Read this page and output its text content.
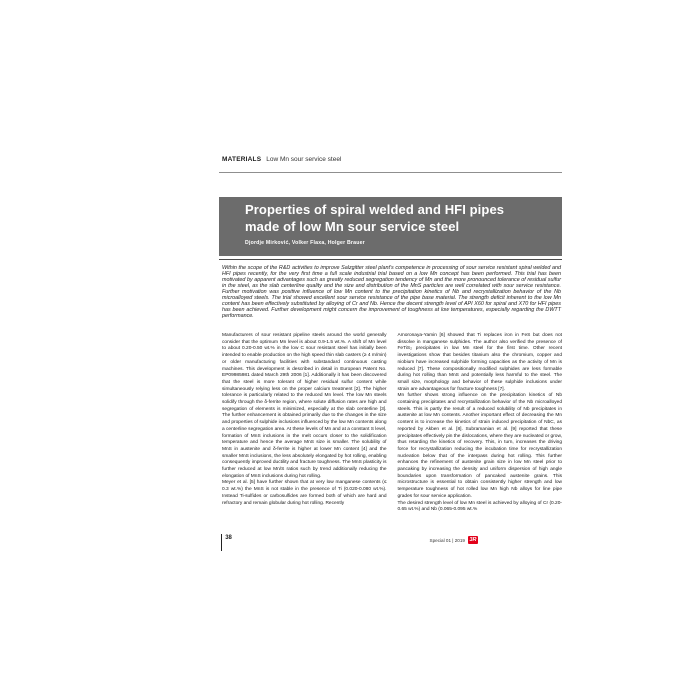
MATERIALS Low Mn sour service steel
Properties of spiral welded and HFI pipes
made of low Mn sour service steel
Djordje Mirković, Volker Flaxa, Holger Brauer
Within the scope of the R&D activities to improve Salzgitter steel plant's competence in processing of sour service resistant spiral welded and HFI pipes recently, for the very first time a full scale industrial trial based on a low Mn concept has been performed. This trial has been motivated by apparent advantages such as greatly reduced segregation tendency of Mn and the more pronounced tolerance of residual sulfur in the steel, as the slab centerline quality and the size and distribution of the MnS particles are well correlated with sour service resistance. Further motivation was positive influence of low Mn content to the precipitation kinetics of Nb and recrystallization behavior of the Nb microalloyed steels. The trial showed excellent sour service resistance of the pipe base material. The strength deficit inherent to the low Mn content has been effectively substituted by alloying of Cr and Nb. Hence the decent strength level of API X60 for spiral and X70 for HFI pipes has been achieved. Further development might concern the improvement of toughness at low temperatures, especially regarding the DWTT performance.

Manufacturers of sour resistant pipeline steels around the world generally consider that the optimum Mn level is about 0.9-1.5 wt.%. A shift of Mn level to about 0.20-0.50 wt.% in the low C sour resistant steel has initially been intended to enable production on the high speed thin slab casters (≥ 4 m/min) or older manufacturing facilities with substandard continuous casting machines. This development is described in detail in European Patent No. EP09985981 dated March 29th 2006 [1]. Additionally it has been discovered that the steel is more tolerant of higher residual sulfur content while simultaneously relying less on the proper calcium treatment [2]. The higher tolerance is particularly related to the reduced Mn level. The low Mn steels solidify through the δ-ferrite region, where solute diffusion rates are high and segregation of elements is minimized, especially at the slab centerline [3]. The further enhancement is obtained primarily due to the changes in the size and properties of sulphide inclusions influenced by the low Mn contents along a centerline segregation area. At these levels of Mn and at a constant S level, formation of MnS inclusions in the melt occurs closer to the solidification temperature and hence the average MnS size is smaller. The solubility of MnS in austenite and δ-ferrite is higher at lower Mn content [4] and the smaller MnS inclusions, the less absolutely elongated by hot rolling, enabling consequently improved ductility and fracture toughness. The MnS plasticity is further reduced at low Mn/S ratios such by trend additionally reducing the elongation of MnS inclusions during hot rolling.

Meyer et al. [5] have further shown that at very low manganese contents (≤ 0.3 wt.%) the MnS is not stable in the presence of Ti (0.020-0.080 wt.%). Instead Ti-sulfides or carbosulfides are formed both of which are hard and refractory and remain globular during hot rolling. Recently

Amoronaya-Yamin [6] showed that Ti replaces iron in FeS but does not dissolve in manganese sulphides. The author also verified the presence of FeTiS₂ precipitates in low Mn steel for the first time. Other recent investigations show that besides titanium also the chromium, copper and niobium have increased sulphide forming capacities as the activity of Mn is reduced [7]. These compositionally modified sulphides are less formable during hot rolling than MnS and potentially less harmful to the steel. The small size, morphology and behavior of these sulphide inclusions under strain are advantageous for fracture toughness [7].

Mn further shows strong influence on the precipitation kinetics of Nb containing precipitates and recrystallization behavior of the Nb microalloyed steels. This is partly the result of a reduced solubility of Nb precipitates in austenite at low Mn contents. Another important effect of decreasing the Mn content is to increase the kinetics of strain induced precipitation of NbC, as reported by Akben et al. [8]. Subramanian et al. [9] reported that these precipitates effectively pin the dislocations, where they are nucleated or grow, thus retarding the kinetics of recovery. This, in turn, increases the driving force for recrystallization reducing the incubation time for recrystallization nucleation below that of the interpass during hot rolling. This further enhances the refinement of austenite grain size in low Mn steel prior to pancaking by increasing the density and uniform dispersion of high angle boundaries upon transformation of pancaked austenite grains. This microstructure is essential to obtain consistently higher strength and low temperature toughness of hot rolled low Mn high Nb alloys for line pipe grades for sour service application.

The desired strength level of low Mn steel is achieved by alloying of Cr (0.20-0.65 wt.%) and Nb (0.065-0.095 wt.%

38	Special 01 | 2019 3R
